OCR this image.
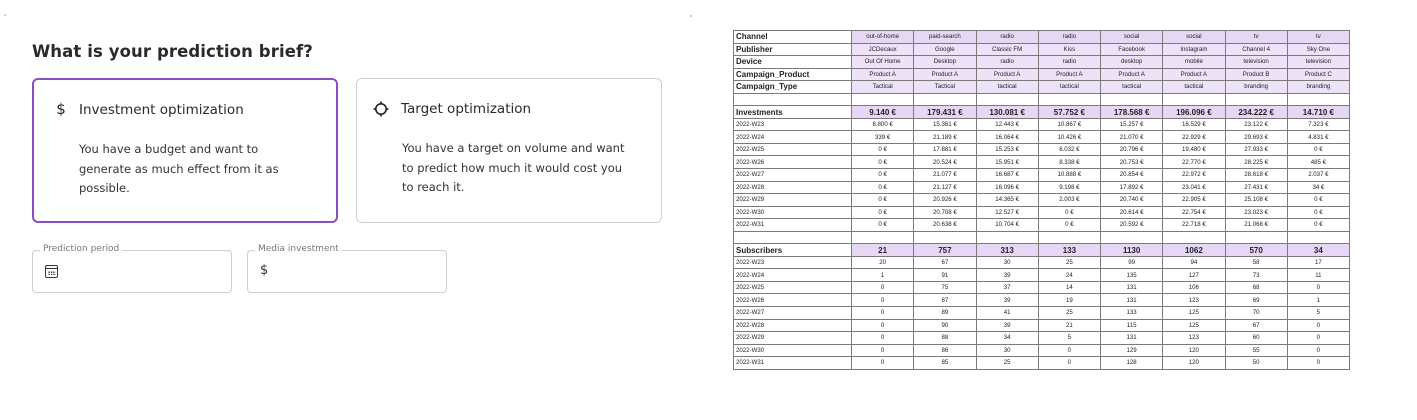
What is your prediction brief?
$ Investment optimization
You have a budget and want to generate as much effect from it as possible.
Target optimization
You have a target on volume and want to predict how much it would cost you to reach it.
Prediction period	Media investment
$
Channel	out-of-home	paid-search	radio	radio	social	social	tv	tv
Publisher	JCDecaux	Google	Classic FM	Kiss	Facebook	Instagram	Channel 4	Sky One
Device	Out Of Home	Desktop	radio	radio	desktop	mobile	television	television
Campaign_Product	Product A	Product A	Product A	Product A	Product A	Product A	Product B	Product C
Campaign_Type	Tactical	Tactical	tactical	tactical	tactical	tactical	branding	branding

Investments	9.140 €	179.431 €	130.081 €	57.752 €	178.568 €	196.096 €	234.222 €	14.710 €
2022-W23	8.800 €	15.361 €	12.443 €	10.867 €	15.257 €	16.529 €	23.122 €	7.323 €
2022-W24	339 €	21.189 €	16.064 €	10.426 €	21.070 €	22.929 €	29.693 €	4.831 €
2022-W25	0 €	17.881 €	15.253 €	6.032 €	20.796 €	19.480 €	27.933 €	0 €
2022-W26	0 €	20.524 €	15.951 €	8.338 €	20.753 €	22.770 €	28.225 €	485 €
2022-W27	0 €	21.077 €	16.687 €	10.888 €	20.854 €	22.972 €	28.618 €	2.037 €
2022-W28	0 €	21.127 €	16.096 €	9.198 €	17.892 €	23.041 €	27.431 €	34 €
2022-W29	0 €	20.926 €	14.365 €	2.003 €	20.740 €	22.905 €	25.108 €	0 €
2022-W30	0 €	20.708 €	12.527 €	0 €	20.614 €	22.754 €	23.023 €	0 €
2022-W31	0 €	20.638 €	10.704 €	0 €	20.592 €	22.718 €	21.068 €	0 €

Subscribers	21	757	313	133	1130	1062	570	34
2022-W23	20	67	30	25	99	94	58	17
2022-W24	1	91	39	24	135	127	73	11
2022-W25	0	75	37	14	131	106	68	0
2022-W26	0	87	39	19	131	123	69	1
2022-W27	0	89	41	25	133	125	70	5
2022-W28	0	90	39	21	115	125	67	0
2022-W29	0	88	34	5	131	123	60	0
2022-W30	0	86	30	0	129	120	55	0
2022-W31	0	85	25	0	128	120	50	0
